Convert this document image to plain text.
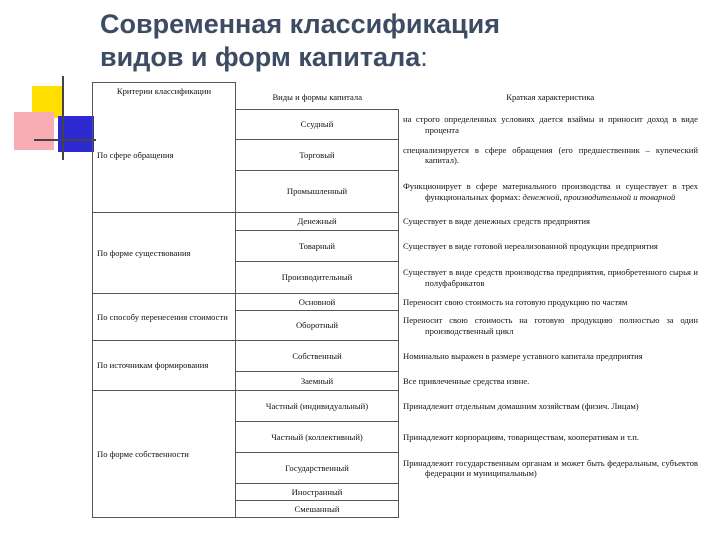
Современная классификация
видов и форм капитала:
Критерии классификации	Виды и формы капитала	Краткая характеристика
По сфере обращения	Ссудный	на строго определенных условиях дается взаймы и приносит доход в виде процента

	Торговый	специализируется в сфере обращения (его предшественник – купеческий капитал).

	Промышленный	Функционирует в сфере материального производства и существует в трех функциональных формах: денежной, производительной и товарной

По форме существования	Денежный	Существует в виде денежных средств предприятия

	Товарный	Существует в виде готовой нереализованной продукции предприятия

	Производительный	Существует в виде средств производства предприятия, приобретенного сырья и полуфабрикатов

По способу перенесения стоимости	Основной	Переносит свою стоимость на готовую продукцию по частям

	Оборотный	Переносит свою стоимость на готовую продукцию полностью за один производственный цикл

По источникам формирования	Собственный	Номинально выражен в размере уставного капитала предприятия

	Заемный	Все привлеченные средства извне.

По форме собственности	Частный (индивидуальный)	Принадлежит отдельным домашним хозяйствам (физич. Лицам)

	Частный (коллективный)	Принадлежит корпорациям, товариществам, кооперативам и т.п.

	Государственный	Принадлежит государственным органам и может быть федеральным, субъектов федерации и муниципальным)

	Иностранный	
	Смешанный	
